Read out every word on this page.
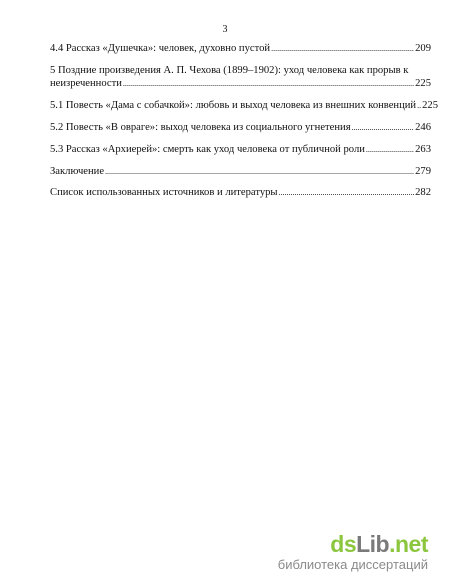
3
4.4 Рассказ «Душечка»: человек, духовно пустой .....	209
5 Поздние произведения А. П. Чехова (1899–1902): уход человека как прорыв к
неизреченности .....	225
5.1 Повесть «Дама с собачкой»: любовь и выход человека из внешних конвенций ..... 225
5.2 Повесть «В овраге»: выход человека из социального угнетения .....	246
5.3 Рассказ «Архиерей»: смерть как уход человека от публичной роли .....	263
Заключение .....	279
Список использованных источников и литературы .....	282
dsLib.net
библиотека диссертаций
